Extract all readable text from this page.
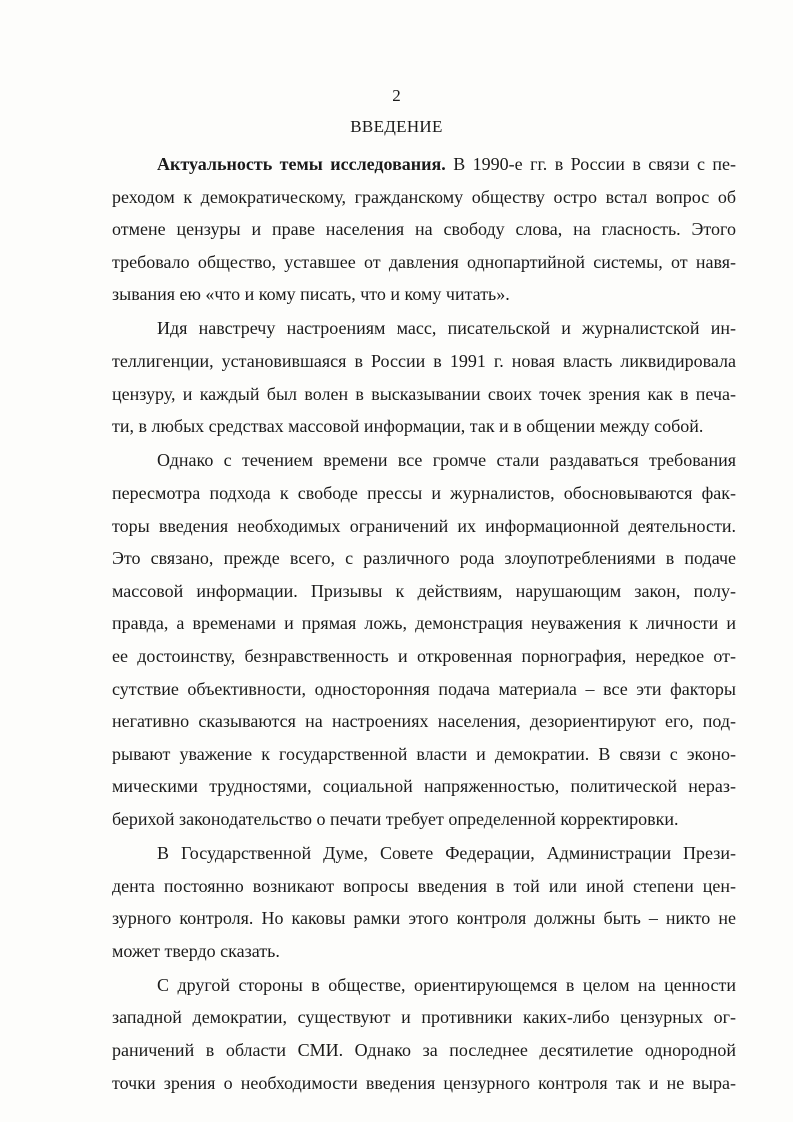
2
ВВЕДЕНИЕ

Актуальность темы исследования. В 1990-е гг. в России в связи с пе-
реходом к демократическому, гражданскому обществу остро встал вопрос об
отмене цензуры и праве населения на свободу слова, на гласность. Этого
требовало общество, уставшее от давления однопартийной системы, от навя-
зывания ею «что и кому писать, что и кому читать».

Идя навстречу настроениям масс, писательской и журналистской ин-
теллигенции, установившаяся в России в 1991 г. новая власть ликвидировала
цензуру, и каждый был волен в высказывании своих точек зрения как в печа-
ти, в любых средствах массовой информации, так и в общении между собой.

Однако с течением времени все громче стали раздаваться требования
пересмотра подхода к свободе прессы и журналистов, обосновываются фак-
торы введения необходимых ограничений их информационной деятельности.
Это связано, прежде всего, с различного рода злоупотреблениями в подаче
массовой информации. Призывы к действиям, нарушающим закон, полу-
правда, а временами и прямая ложь, демонстрация неуважения к личности и
ее достоинству, безнравственность и откровенная порнография, нередкое от-
сутствие объективности, односторонняя подача материала – все эти факторы
негативно сказываются на настроениях населения, дезориентируют его, под-
рывают уважение к государственной власти и демократии. В связи с эконо-
мическими трудностями, социальной напряженностью, политической нераз-
берихой законодательство о печати требует определенной корректировки.

В Государственной Думе, Совете Федерации, Администрации Прези-
дента постоянно возникают вопросы введения в той или иной степени цен-
зурного контроля. Но каковы рамки этого контроля должны быть – никто не
может твердо сказать.

С другой стороны в обществе, ориентирующемся в целом на ценности
западной демократии, существуют и противники каких-либо цензурных ог-
раничений в области СМИ. Однако за последнее десятилетие однородной
точки зрения о необходимости введения цензурного контроля так и не выра-
